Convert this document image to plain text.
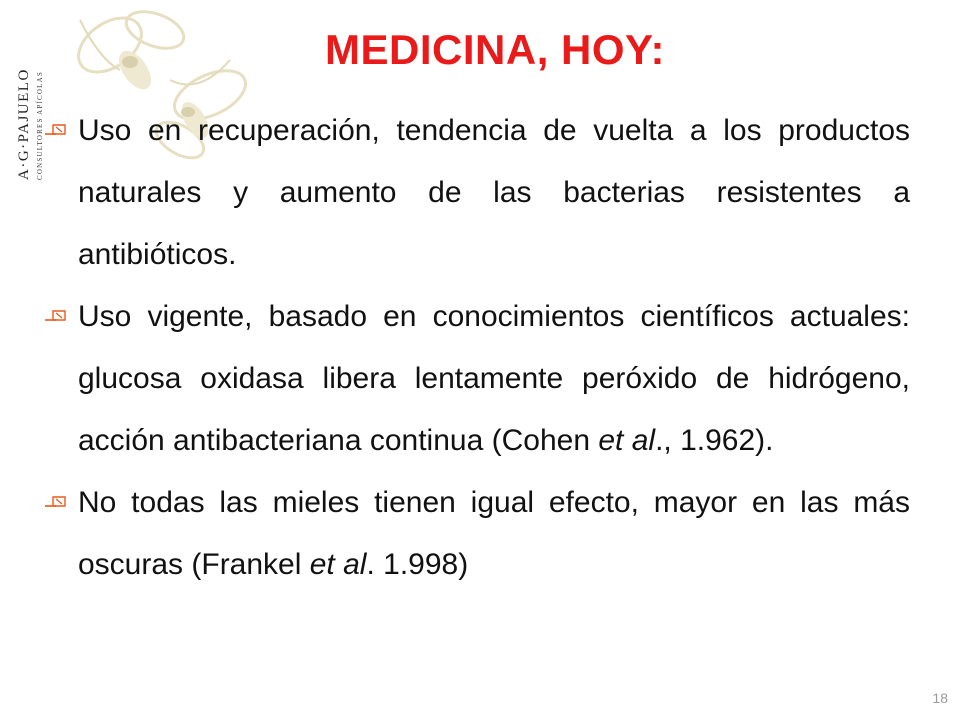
A·G·PAJUELO CONSULTORES APÍCOLAS
MEDICINA, HOY:
Uso en recuperación, tendencia de vuelta a los productos naturales y aumento de las bacterias resistentes a antibióticos.
Uso vigente, basado en conocimientos científicos actuales: glucosa oxidasa libera lentamente peróxido de hidrógeno, acción antibacteriana continua (Cohen et al., 1.962).
No todas las mieles tienen igual efecto, mayor en las más oscuras (Frankel et al. 1.998)
18
